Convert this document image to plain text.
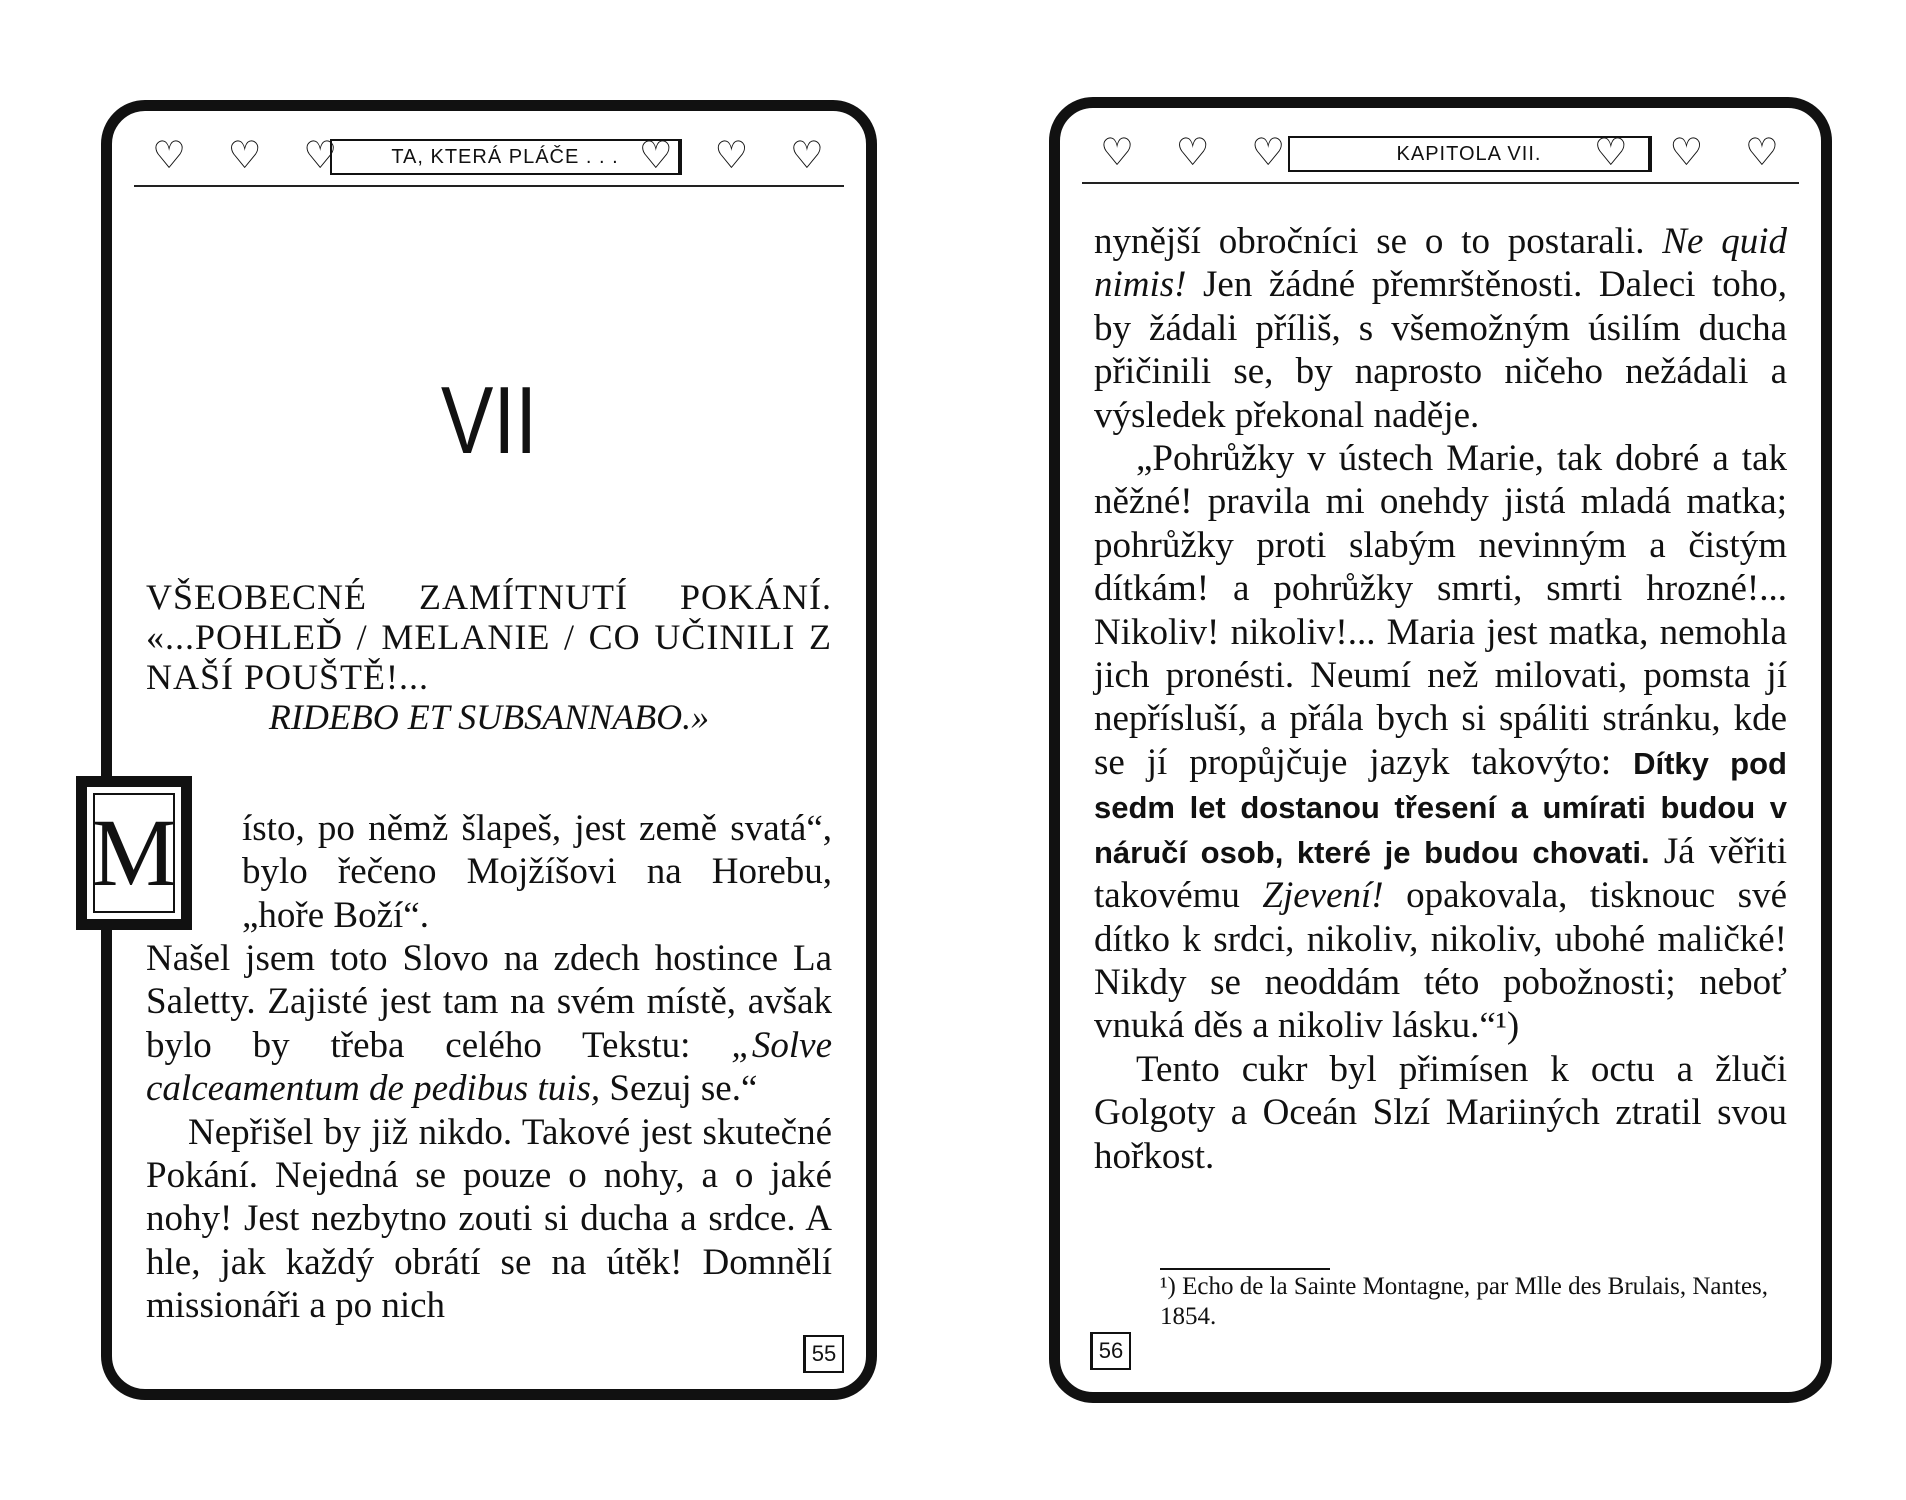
♡ ♡ ♡	TA, KTERÁ PLÁČE . . . ♡ ♡ ♡
VII
VŠEOBECNÉ ZAMÍTNUTÍ POKÁNÍ. «...POHLEĎ / MELANIE / CO UČINILI Z NAŠÍ POUŠTĚ!...
RIDEBO ET SUBSANNABO.»
M ísto, po němž šlapeš, jest země svatá“, bylo řečeno Mojžíšovi na Horebu, „hoře Boží“.

Našel jsem toto Slovo na zdech hostince La Saletty. Zajisté jest tam na svém místě, avšak bylo by třeba celého Tekstu: „Solve calceamentum de pedibus tuis, Sezuj se.“

Nepřišel by již nikdo. Takové jest skutečné Pokání. Nejedná se pouze o nohy, a o jaké nohy! Jest nezbytno zouti si ducha a srdce. A hle, jak každý obrátí se na útěk! Domnělí missionáři a po nich

55
♡ ♡ ♡	KAPITOLA VII.	♡ ♡ ♡

nynější obročníci se o to postarali. Ne quid nimis! Jen žádné přemrštěnosti. Daleci toho, by žádali příliš, s všemožným úsilím ducha přičinili se, by naprosto ničeho nežádali a výsledek překonal naděje.

„Pohrůžky v ústech Marie, tak dobré a tak něžné! pravila mi onehdy jistá mladá matka; pohrůžky proti slabým nevinným a čistým dítkám! a pohrůžky smrti, smrti hrozné!... Nikoliv! nikoliv!... Maria jest matka, nemohla jich pronésti. Neumí než milovati, pomsta jí nepřísluší, a přála bych si spáliti stránku, kde se jí propůjčuje jazyk takovýto: Dítky pod sedm let dostanou třesení a umírati budou v náručí osob, které je budou chovati. Já věřiti takovému Zjevení! opakovala, tisknouc své dítko k srdci, nikoliv, nikoliv, ubohé maličké! Nikdy se neoddám této pobožnosti; neboť vnuká děs a nikoliv lásku.“¹)

Tento cukr byl přimísen k octu a žluči Golgoty a Oceán Slzí Mariiných ztratil svou hořkost.

¹) Echo de la Sainte Montagne, par Mlle des Brulais, Nantes, 1854.
56
